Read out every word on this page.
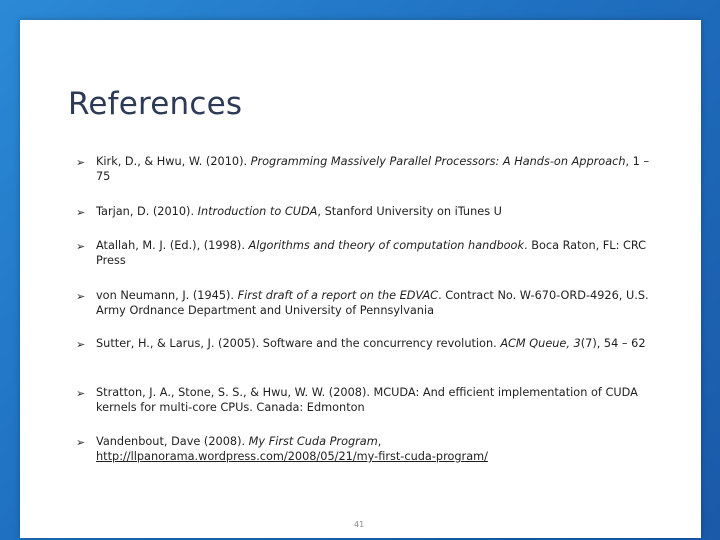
References
➢ Kirk, D., & Hwu, W. (2010). Programming Massively Parallel Processors: A Hands-on Approach, 1 – 75
➢ Tarjan, D. (2010). Introduction to CUDA, Stanford University on iTunes U
➢ Atallah, M. J. (Ed.), (1998). Algorithms and theory of computation handbook. Boca Raton, FL: CRC Press
➢ von Neumann, J. (1945). First draft of a report on the EDVAC. Contract No. W-670-ORD-4926, U.S. Army Ordnance Department and University of Pennsylvania
➢ Sutter, H., & Larus, J. (2005). Software and the concurrency revolution. ACM Queue, 3(7), 54 – 62
➢ Stratton, J. A., Stone, S. S., & Hwu, W. W. (2008). MCUDA: And efficient implementation of CUDA kernels for multi-core CPUs. Canada: Edmonton
➢ Vandenbout, Dave (2008). My First Cuda Program,
http://llpanorama.wordpress.com/2008/05/21/my-first-cuda-program/
41
